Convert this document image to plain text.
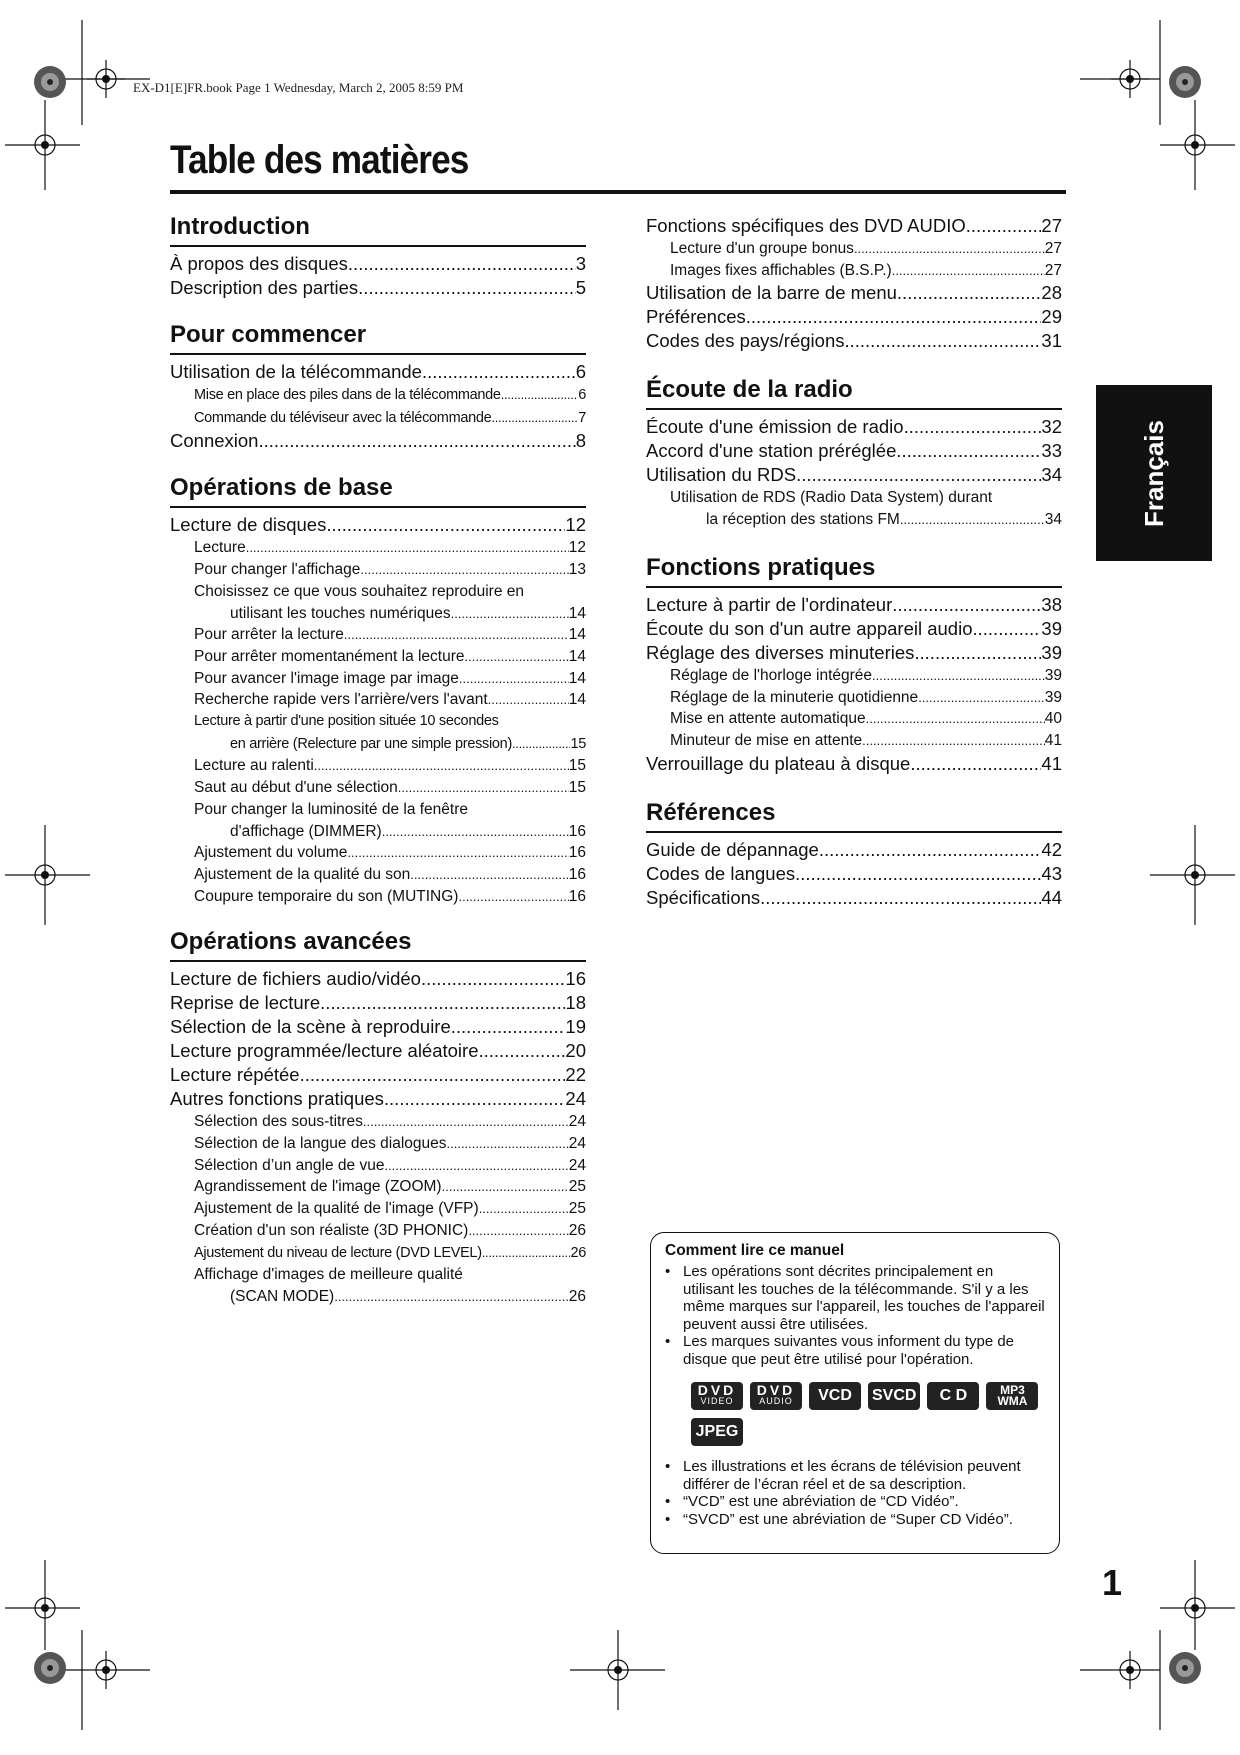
EX-D1[E]FR.book Page 1 Wednesday, March 2, 2005 8:59 PM
Table des matières
Introduction
À propos des disques .....	3
Description des parties .....	5
Pour commencer
Utilisation de la télécommande .....	6
Mise en place des piles dans de la télécommande .....	6
Commande du téléviseur avec la télécommande .....	7
Connexion .....	8
Opérations de base
Lecture de disques .....	12
Lecture .....	12
Pour changer l'affichage .....	13
Choisissez ce que vous souhaitez reproduire en
utilisant les touches numériques .....	14
Pour arrêter la lecture .....	14
Pour arrêter momentanément la lecture .....	14
Pour avancer l'image image par image .....	14
Recherche rapide vers l'arrière/vers l'avant .....	14
Lecture à partir d'une position située 10 secondes
en arrière (Relecture par une simple pression) .....	15
Lecture au ralenti .....	15
Saut au début d'une sélection .....	15
Pour changer la luminosité de la fenêtre
d'affichage (DIMMER) .....	16
Ajustement du volume .....	16
Ajustement de la qualité du son .....	16
Coupure temporaire du son (MUTING) .....	16
Opérations avancées
Lecture de fichiers audio/vidéo .....	16
Reprise de lecture .....	18
Sélection de la scène à reproduire .....	19
Lecture programmée/lecture aléatoire .....	20
Lecture répétée .....	22
Autres fonctions pratiques .....	24
Sélection des sous-titres .....	24
Sélection de la langue des dialogues .....	24
Sélection d’un angle de vue .....	24
Agrandissement de l'image (ZOOM) .....	25
Ajustement de la qualité de l'image (VFP) .....	25
Création d'un son réaliste (3D PHONIC) .....	26
Ajustement du niveau de lecture (DVD LEVEL) .....	26
Affichage d'images de meilleure qualité
(SCAN MODE) .....	26
Fonctions spécifiques des DVD AUDIO .....	27
Lecture d'un groupe bonus .....	27
Images fixes affichables (B.S.P.) .....	27
Utilisation de la barre de menu .....	28
Préférences .....	29
Codes des pays/régions .....	31
Écoute de la radio
Écoute d'une émission de radio .....	32
Accord d'une station préréglée .....	33
Utilisation du RDS .....	34
Utilisation de RDS (Radio Data System) durant
la réception des stations FM .....	34
Fonctions pratiques
Lecture à partir de l'ordinateur .....	38
Écoute du son d'un autre appareil audio .....	39
Réglage des diverses minuteries .....	39
Réglage de l'horloge intégrée .....	39
Réglage de la minuterie quotidienne .....	39
Mise en attente automatique .....	40
Minuteur de mise en attente .....	41
Verrouillage du plateau à disque .....	41
Références
Guide de dépannage .....	42
Codes de langues .....	43
Spécifications .....	44
Français
Comment lire ce manuel
• Les opérations sont décrites principalement en utilisant les touches de la télécommande. S'il y a les même marques sur l'appareil, les touches de l'appareil peuvent aussi être utilisées.
• Les marques suivantes vous informent du type de disque que peut être utilisé pour l'opération.
DVD
VIDEO
DVD
AUDIO	VCD	SVCD	C D	MP3
WMA
JPEG
• Les illustrations et les écrans de télévision peuvent différer de l’écran réel et de sa description.
• “VCD” est une abréviation de “CD Vidéo”.
• “SVCD” est une abréviation de “Super CD Vidéo”.
1
